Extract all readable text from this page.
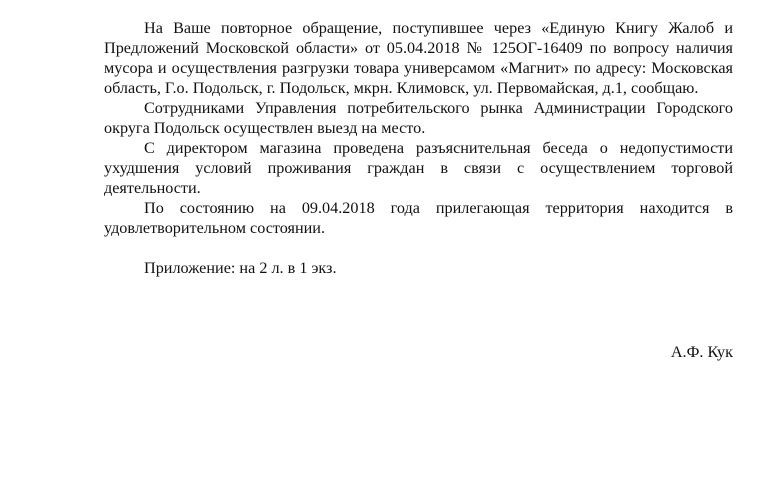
На Ваше повторное обращение, поступившее через «Единую Книгу Жалоб и Предложений Московской области» от 05.04.2018 № 125ОГ-16409 по вопросу наличия мусора и осуществления разгрузки товара универсамом «Магнит» по адресу: Московская область, Г.о. Подольск, г. Подольск, мкрн. Климовск, ул. Первомайская, д.1, сообщаю.

Сотрудниками Управления потребительского рынка Администрации Городского округа Подольск осуществлен выезд на место.

С директором магазина проведена разъяснительная беседа о недопустимости ухудшения условий проживания граждан в связи с осуществлением торговой деятельности.

По состоянию на 09.04.2018 года прилегающая территория находится в удовлетворительном состоянии.

Приложение: на 2 л. в 1 экз.

А.Ф. Кук
